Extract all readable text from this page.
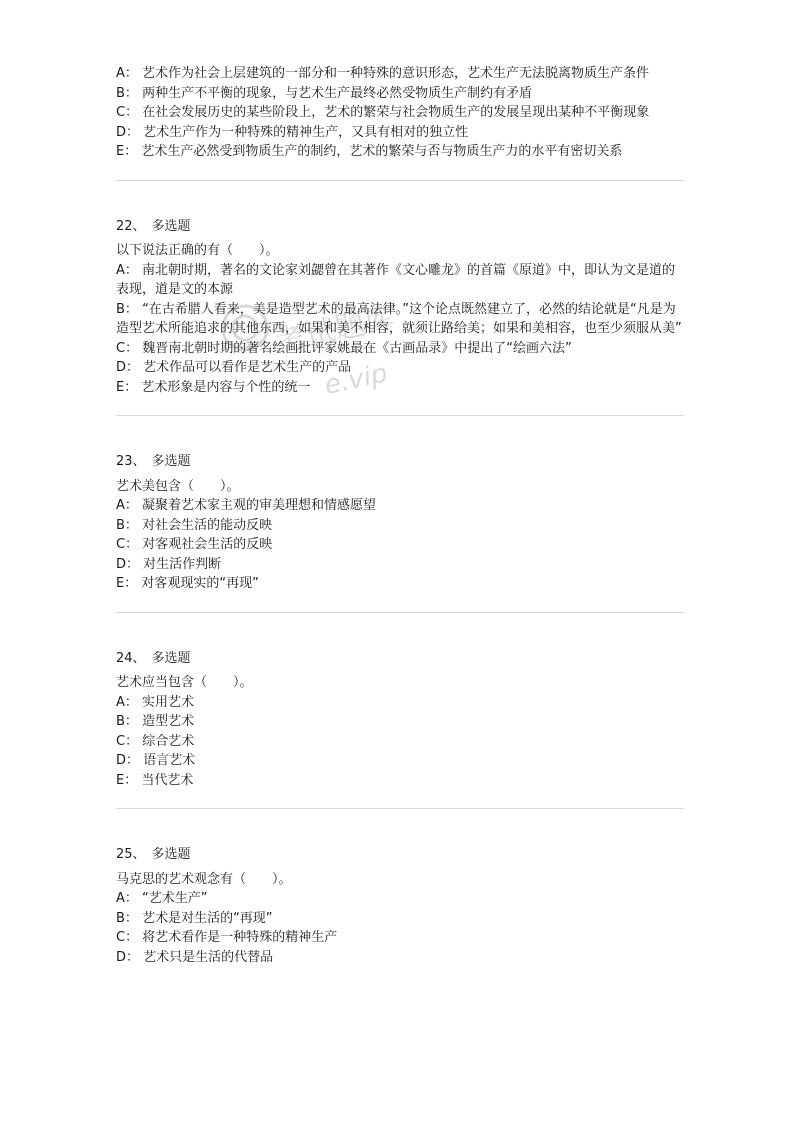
A： 艺术作为社会上层建筑的一部分和一种特殊的意识形态，艺术生产无法脱离物质生产条件

B： 两种生产不平衡的现象，与艺术生产最终必然受物质生产制约有矛盾

C： 在社会发展历史的某些阶段上，艺术的繁荣与社会物质生产的发展呈现出某种不平衡现象

D： 艺术生产作为一种特殊的精神生产，又具有相对的独立性

E： 艺术生产必然受到物质生产的制约，艺术的繁荣与否与物质生产力的水平有密切关系

22、 多选题

以下说法正确的有（　　）。

A： 南北朝时期，著名的文论家刘勰曾在其著作《文心雕龙》的首篇《原道》中，即认为文是道的表现，道是文的本源

B： “在古希腊人看来，美是造型艺术的最高法律。”这个论点既然建立了，必然的结论就是“凡是为造型艺术所能追求的其他东西，如果和美不相容，就须让路给美；如果和美相容，也至少须服从美”

C： 魏晋南北朝时期的著名绘画批评家姚最在《古画品录》中提出了“绘画六法”

D： 艺术作品可以看作是艺术生产的产品

E： 艺术形象是内容与个性的统一

23、 多选题

艺术美包含（　　）。

A： 凝聚着艺术家主观的审美理想和情感愿望

B： 对社会生活的能动反映

C： 对客观社会生活的反映

D： 对生活作判断

E： 对客观现实的“再现”

24、 多选题

艺术应当包含（　　）。

A： 实用艺术

B： 造型艺术

C： 综合艺术

D： 语言艺术

E： 当代艺术

25、 多选题

马克思的艺术观念有（　　）。

A： “艺术生产”

B： 艺术是对生活的“再现”

C： 将艺术看作是一种特殊的精神生产

D： 艺术只是生活的代替品

考试题库
e.vip
